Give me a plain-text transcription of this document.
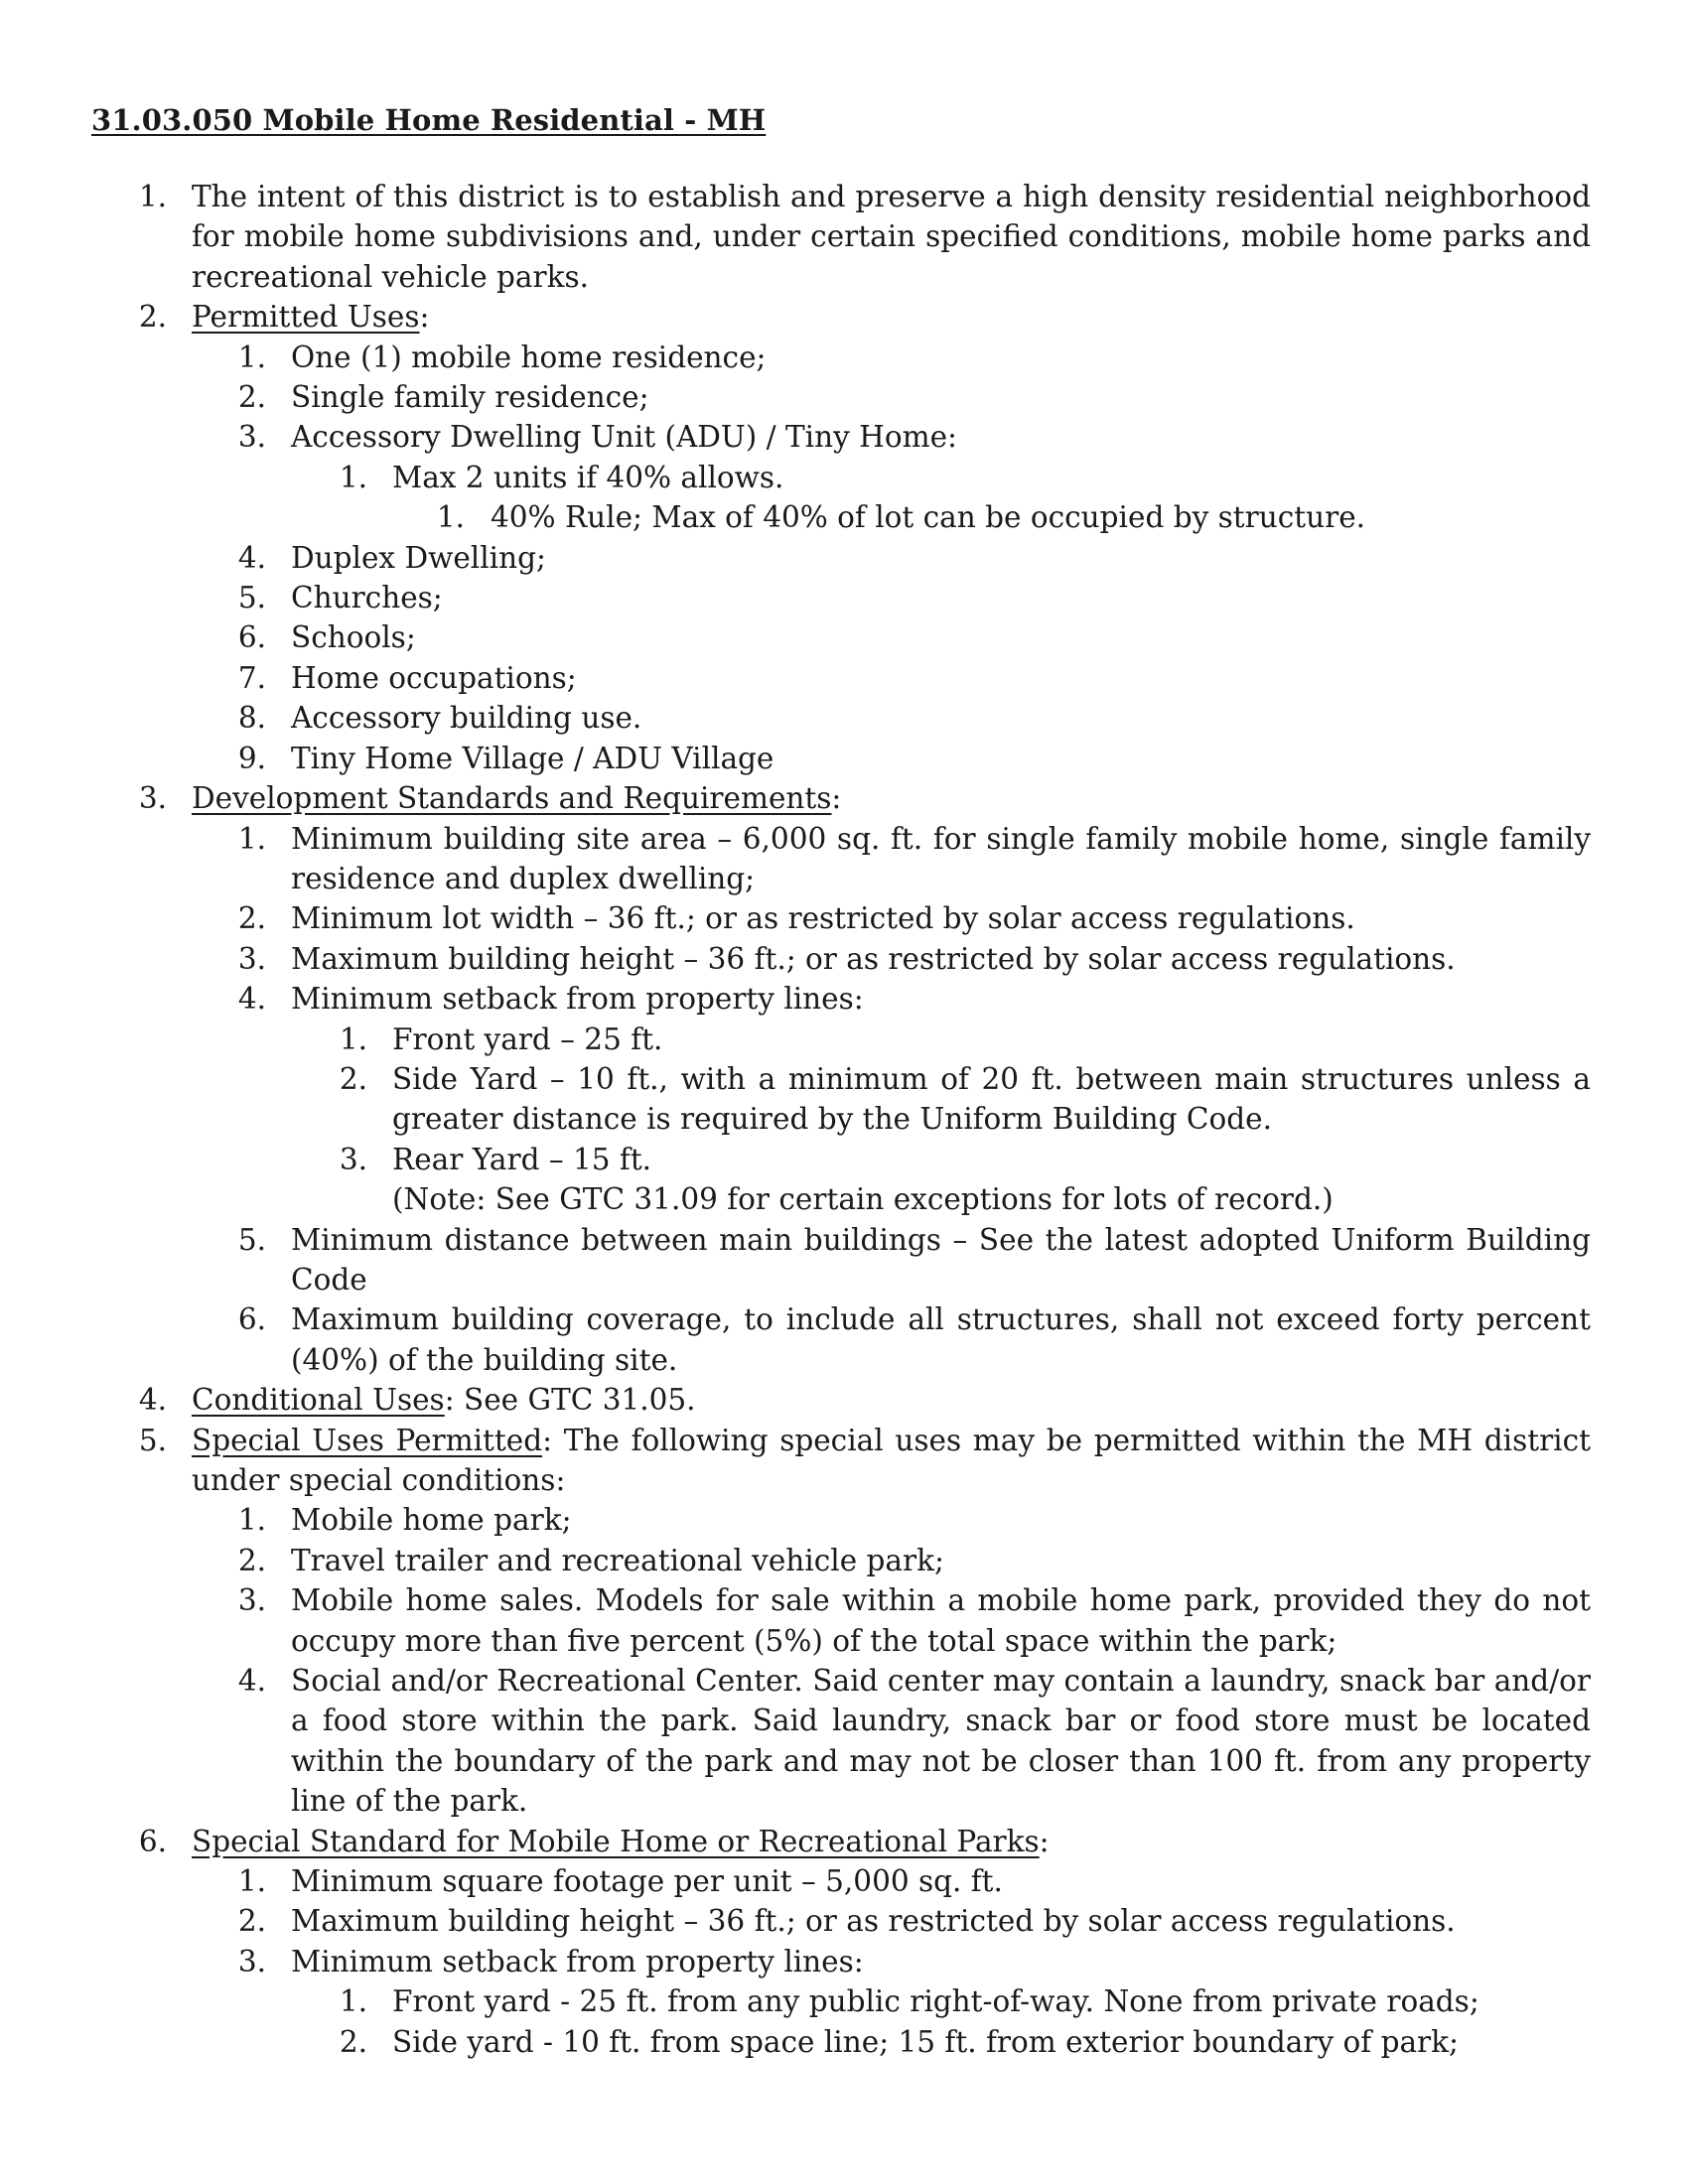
31.03.050 Mobile Home Residential - MH
1. The intent of this district is to establish and preserve a high density residential neighborhood for mobile home subdivisions and, under certain specified conditions, mobile home parks and recreational vehicle parks.
2. Permitted Uses:
1. One (1) mobile home residence;
2. Single family residence;
3. Accessory Dwelling Unit (ADU) / Tiny Home:
1. Max 2 units if 40% allows.
1. 40% Rule; Max of 40% of lot can be occupied by structure.
4. Duplex Dwelling;
5. Churches;
6. Schools;
7. Home occupations;
8. Accessory building use.
9. Tiny Home Village / ADU Village
3. Development Standards and Requirements:
1. Minimum building site area – 6,000 sq. ft. for single family mobile home, single family residence and duplex dwelling;
2. Minimum lot width – 36 ft.; or as restricted by solar access regulations.
3. Maximum building height – 36 ft.; or as restricted by solar access regulations.
4. Minimum setback from property lines:
1. Front yard – 25 ft.
2. Side Yard – 10 ft., with a minimum of 20 ft. between main structures unless a greater distance is required by the Uniform Building Code.
3. Rear Yard – 15 ft.
(Note: See GTC 31.09 for certain exceptions for lots of record.)
5. Minimum distance between main buildings – See the latest adopted Uniform Building Code
6. Maximum building coverage, to include all structures, shall not exceed forty percent (40%) of the building site.
4. Conditional Uses: See GTC 31.05.
5. Special Uses Permitted: The following special uses may be permitted within the MH district under special conditions:
1. Mobile home park;
2. Travel trailer and recreational vehicle park;
3. Mobile home sales. Models for sale within a mobile home park, provided they do not occupy more than five percent (5%) of the total space within the park;
4. Social and/or Recreational Center. Said center may contain a laundry, snack bar and/or a food store within the park. Said laundry, snack bar or food store must be located within the boundary of the park and may not be closer than 100 ft. from any property line of the park.
6. Special Standard for Mobile Home or Recreational Parks:
1. Minimum square footage per unit – 5,000 sq. ft.
2. Maximum building height – 36 ft.; or as restricted by solar access regulations.
3. Minimum setback from property lines:
1. Front yard - 25 ft. from any public right-of-way. None from private roads;
2. Side yard - 10 ft. from space line; 15 ft. from exterior boundary of park;
